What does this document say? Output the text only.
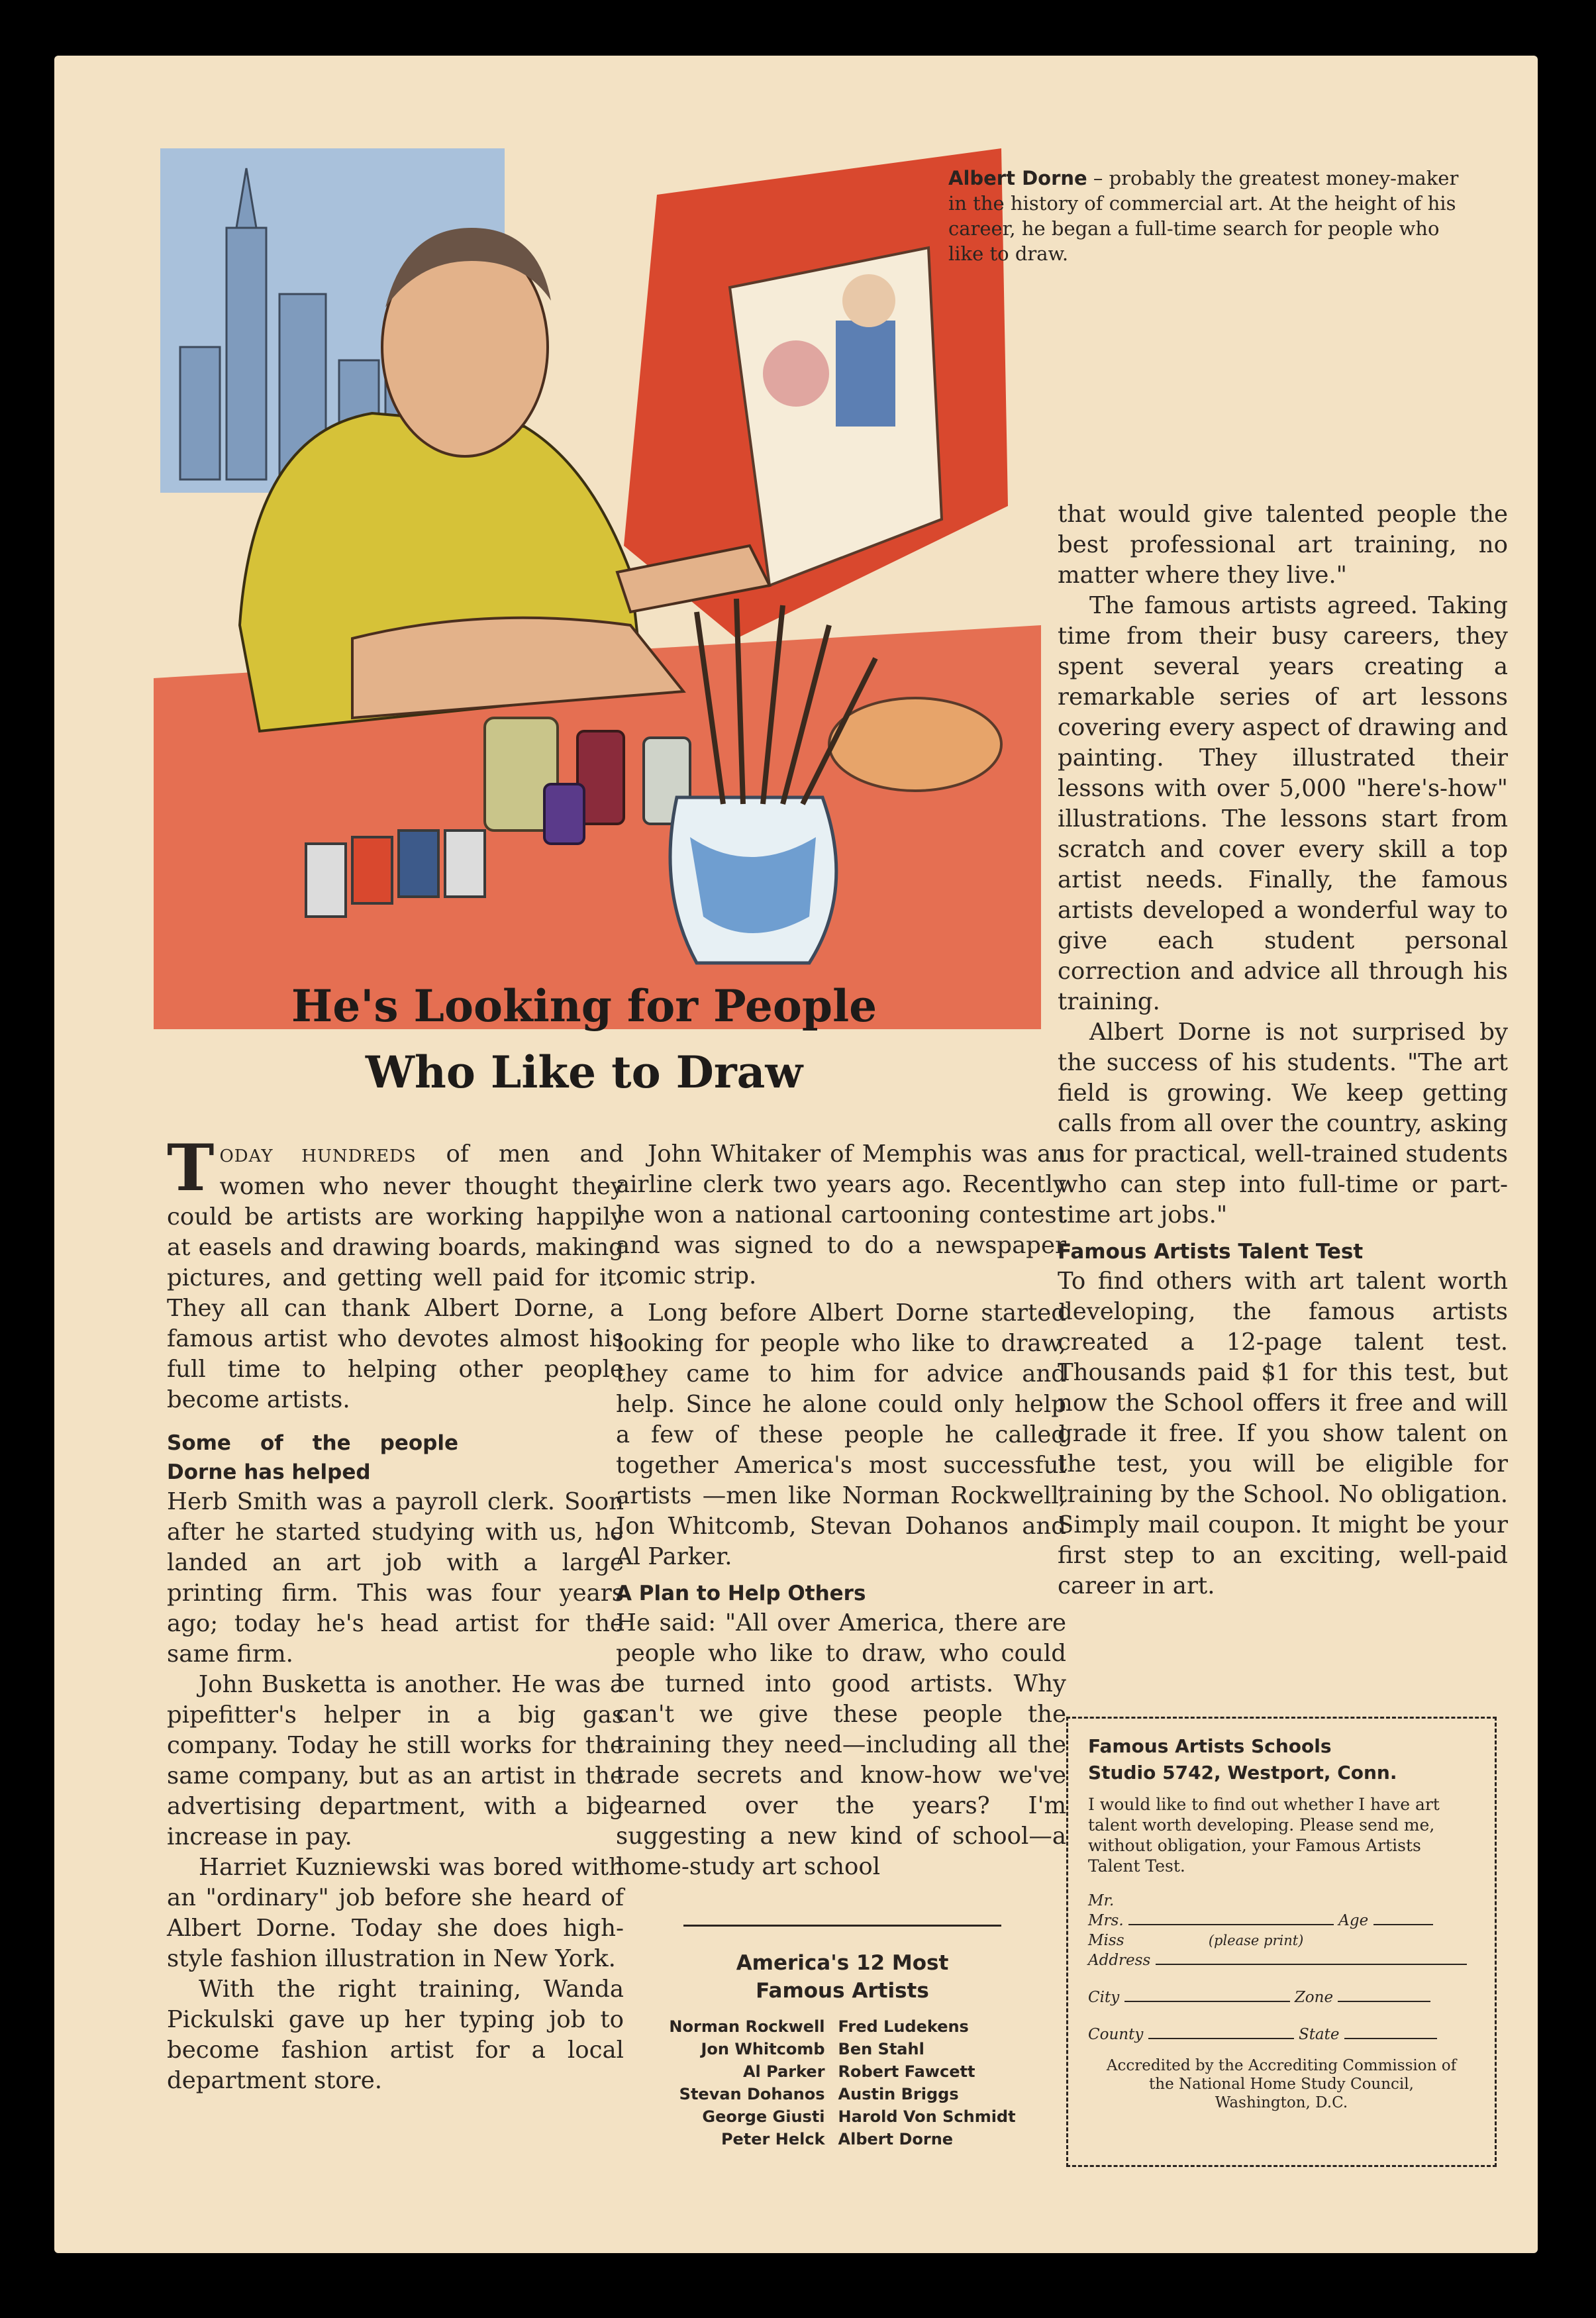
Albert Dorne – probably the greatest money-maker in the history of commercial art. At the height of his career, he began a full-time search for people who like to draw.
He's Looking for People
Who Like to Draw

TODAY HUNDREDS of men and women who never thought they could be artists are working happily at easels and drawing boards, making pictures, and getting well paid for it. They all can thank Albert Dorne, a famous artist who devotes almost his full time to helping other people become artists.

Some of the people Dorne has helped

Herb Smith was a payroll clerk. Soon after he started studying with us, he landed an art job with a large printing firm. This was four years ago; today he's head artist for the same firm.

John Busketta is another. He was a pipefitter's helper in a big gas company. Today he still works for the same company, but as an artist in the advertising department, with a big increase in pay.

Harriet Kuzniewski was bored with an "ordinary" job before she heard of Albert Dorne. Today she does high-style fashion illustration in New York.

With the right training, Wanda Pickulski gave up her typing job to become fashion artist for a local department store.

John Whitaker of Memphis was an airline clerk two years ago. Recently he won a national cartooning contest and was signed to do a newspaper comic strip.

Long before Albert Dorne started looking for people who like to draw, they came to him for advice and help. Since he alone could only help a few of these people he called together America's most successful artists —men like Norman Rockwell, Jon Whitcomb, Stevan Dohanos and Al Parker.

A Plan to Help Others

He said: "All over America, there are people who like to draw, who could be turned into good artists. Why can't we give these people the training they need—including all the trade secrets and know-how we've learned over the years? I'm suggesting a new kind of school—a home-study art school

America's 12 Most
Famous Artists
Norman Rockwell	Fred Ludekens
Jon Whitcomb	Ben Stahl
Al Parker	Robert Fawcett
Stevan Dohanos	Austin Briggs
George Giusti	Harold Von Schmidt
Peter Helck	Albert Dorne

that would give talented people the best professional art training, no matter where they live."

The famous artists agreed. Taking time from their busy careers, they spent several years creating a remarkable series of art lessons covering every aspect of drawing and painting. They illustrated their lessons with over 5,000 "here's-how" illustrations. The lessons start from scratch and cover every skill a top artist needs. Finally, the famous artists developed a wonderful way to give each student personal correction and advice all through his training.

Albert Dorne is not surprised by the success of his students. "The art field is growing. We keep getting calls from all over the country, asking us for practical, well-trained students who can step into full-time or part-time art jobs."

Famous Artists Talent Test

To find others with art talent worth developing, the famous artists created a 12-page talent test. Thousands paid $1 for this test, but now the School offers it free and will grade it free. If you show talent on the test, you will be eligible for training by the School. No obligation. Simply mail coupon. It might be your first step to an exciting, well-paid career in art.

Famous Artists Schools
Studio 5742, Westport, Conn.
I would like to find out whether I have art talent worth developing. Please send me, without obligation, your Famous Artists Talent Test.
Mr.
Mrs.	Age
Miss	(please print)
Address
City	Zone
County	State
Accredited by the Accrediting Commission of the National Home Study Council, Washington, D.C.
